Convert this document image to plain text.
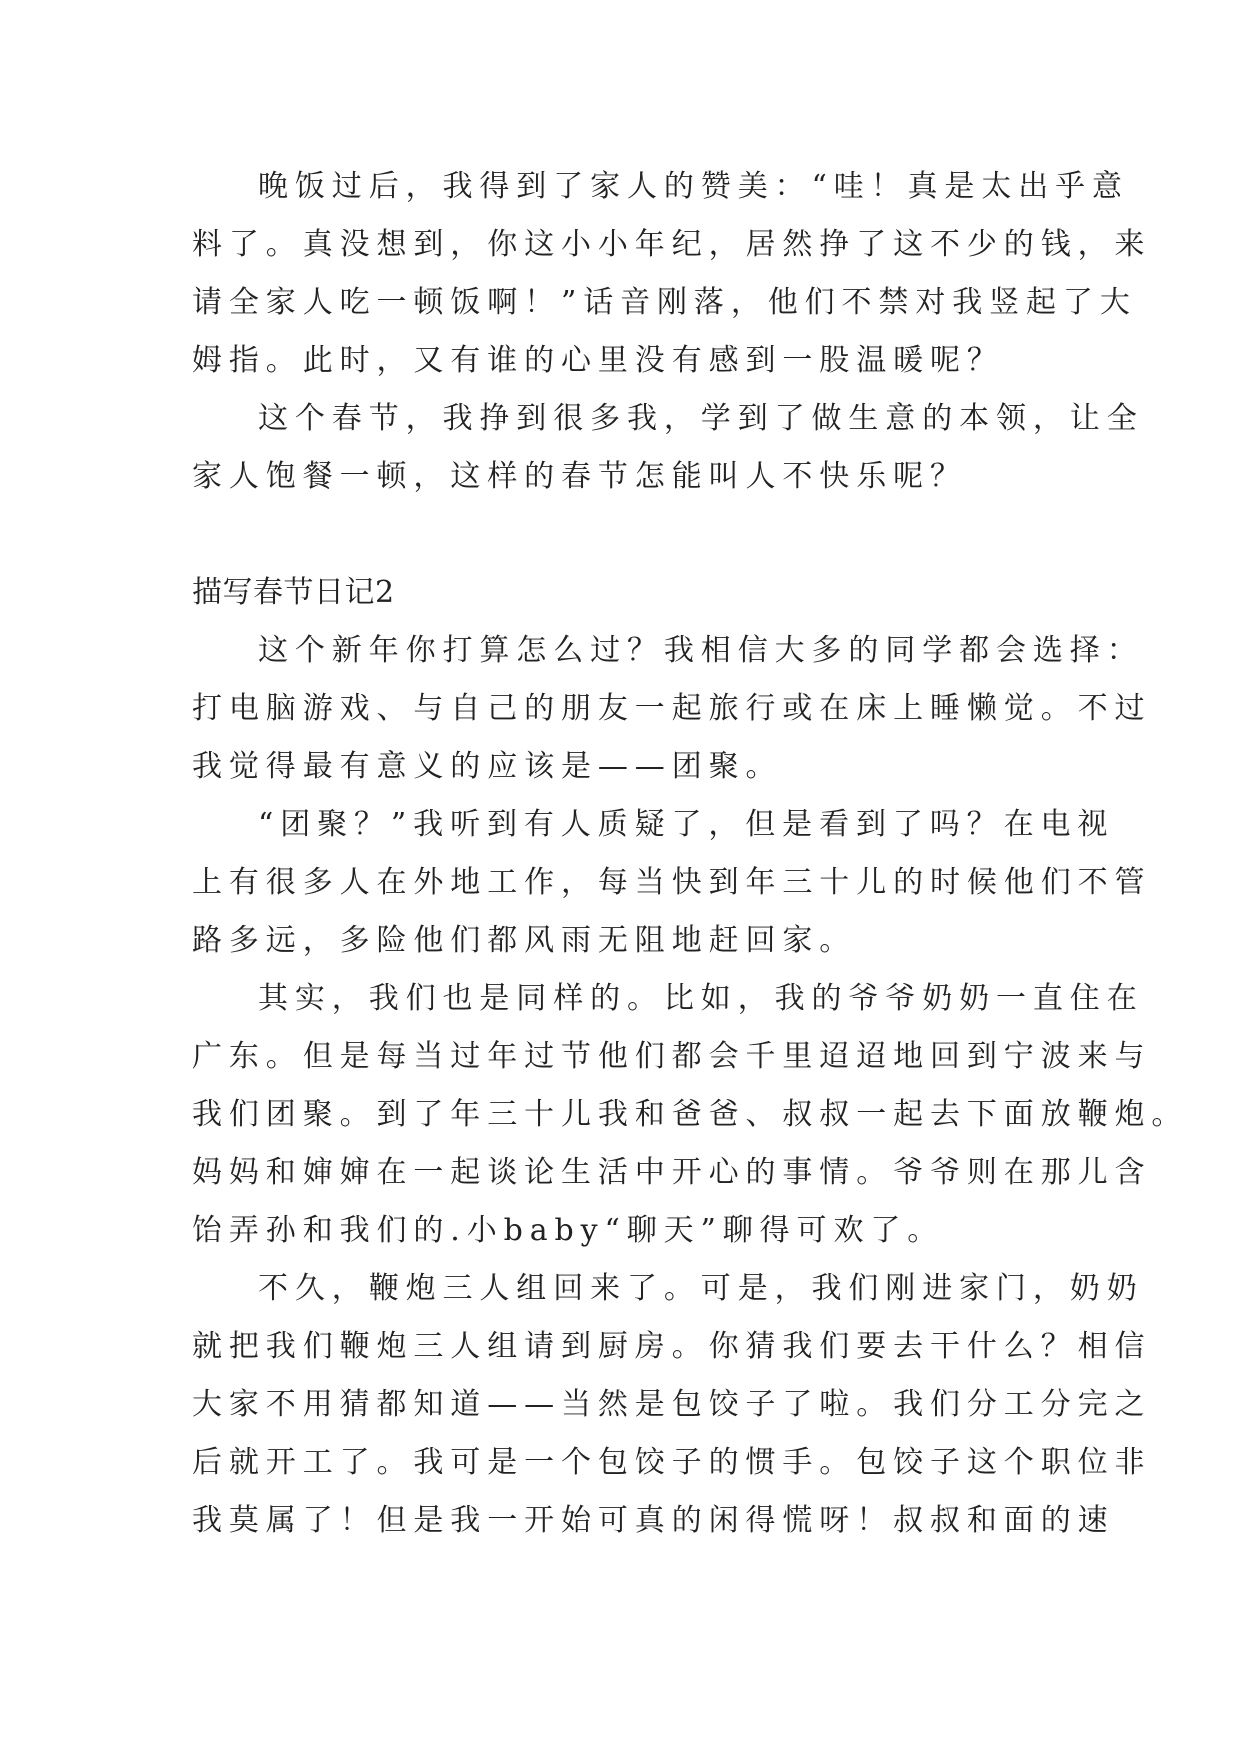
晚饭过后，我得到了家人的赞美：“哇！真是太出乎意

料了。真没想到，你这小小年纪，居然挣了这不少的钱，来

请全家人吃一顿饭啊！”话音刚落，他们不禁对我竖起了大

姆指。此时，又有谁的心里没有感到一股温暖呢？

这个春节，我挣到很多我，学到了做生意的本领，让全

家人饱餐一顿，这样的春节怎能叫人不快乐呢？

描写春节日记2

这个新年你打算怎么过？我相信大多的同学都会选择：

打电脑游戏、与自己的朋友一起旅行或在床上睡懒觉。不过

我觉得最有意义的应该是——团聚。

“团聚？”我听到有人质疑了，但是看到了吗？在电视

上有很多人在外地工作，每当快到年三十儿的时候他们不管

路多远，多险他们都风雨无阻地赶回家。

其实，我们也是同样的。比如，我的爷爷奶奶一直住在

广东。但是每当过年过节他们都会千里迢迢地回到宁波来与

我们团聚。到了年三十儿我和爸爸、叔叔一起去下面放鞭炮。

妈妈和婶婶在一起谈论生活中开心的事情。爷爷则在那儿含

饴弄孙和我们的.小baby“聊天”聊得可欢了。

不久，鞭炮三人组回来了。可是，我们刚进家门，奶奶

就把我们鞭炮三人组请到厨房。你猜我们要去干什么？相信

大家不用猜都知道——当然是包饺子了啦。我们分工分完之

后就开工了。我可是一个包饺子的惯手。包饺子这个职位非

我莫属了！但是我一开始可真的闲得慌呀！叔叔和面的速
